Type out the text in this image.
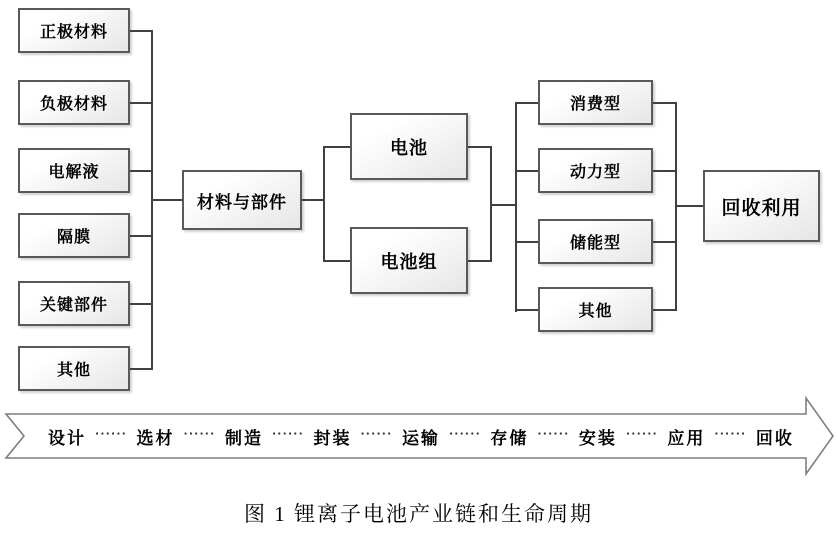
正极材料
负极材料
电解液
隔膜
关键部件
其他
材料与部件
电池
电池组
消费型
动力型
储能型
其他
回收利用
设计 ······ 选材 ······ 制造 ······ 封装 ······ 运输 ······ 存储 ······ 安装 ······ 应用 ······ 回收
图 1 锂离子电池产业链和生命周期
